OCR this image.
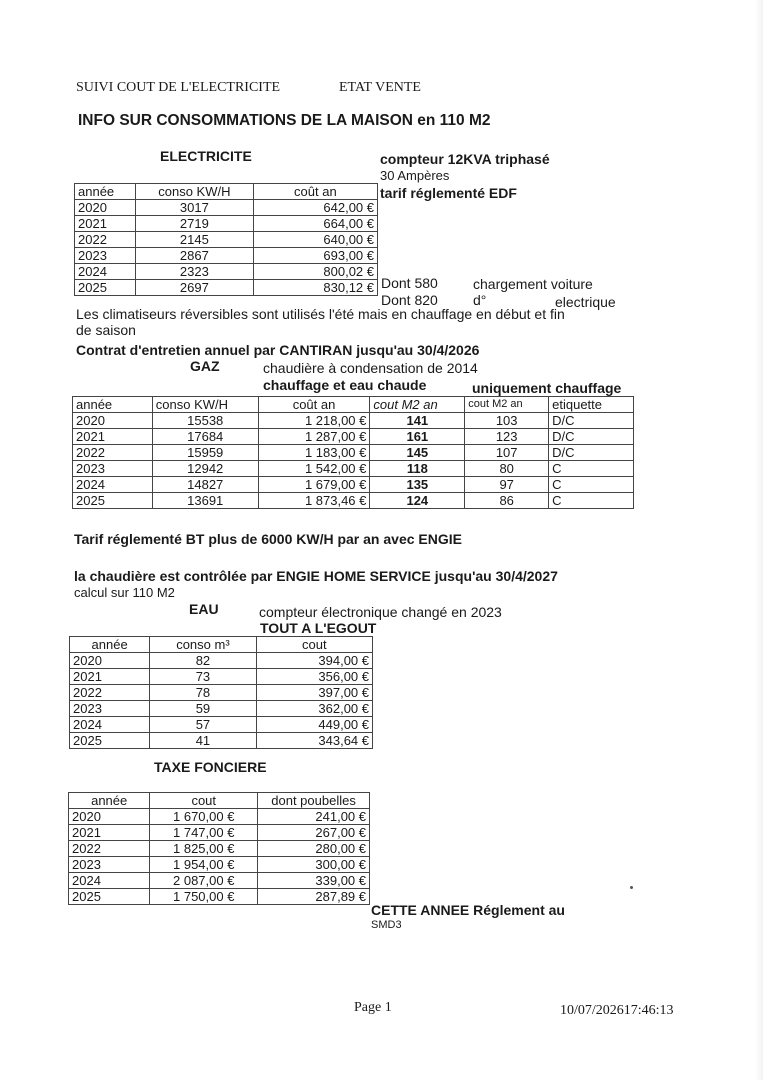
SUIVI COUT DE L'ELECTRICITE	ETAT VENTE
INFO SUR CONSOMMATIONS DE LA MAISON en 110 M2
ELECTRICITE	compteur 12KVA triphasé
30 Ampères
tarif réglementé EDF
année	conso KW/H	coût an
2020	3017	642,00 €
2021	2719	664,00 €
2022	2145	640,00 €
2023	2867	693,00 €
2024	2323	800,02 €
2025	2697	830,12 € Dont 580	chargement voiture
Dont 820	d°	electrique
Les climatiseurs réversibles sont utilisés l'été mais en chauffage en début et fin
de saison
Contrat d'entretien annuel par CANTIRAN jusqu'au 30/4/2026
GAZ	chaudière à condensation de 2014
chauffage et eau chaude	uniquement chauffage
année	conso KW/H	coût an	cout M2 an	cout M2 an	etiquette
2020	15538	1 218,00 €	141	103	D/C
2021	17684	1 287,00 €	161	123	D/C
2022	15959	1 183,00 €	145	107	D/C
2023	12942	1 542,00 €	118	80	C
2024	14827	1 679,00 €	135	97	C
2025	13691	1 873,46 €	124	86	C
Tarif réglementé BT plus de 6000 KW/H par an avec ENGIE
la chaudière est contrôlée par ENGIE HOME SERVICE jusqu'au 30/4/2027
calcul sur 110 M2
EAU	compteur électronique changé en 2023
TOUT A L'EGOUT
année	conso m³	cout
2020	82	394,00 €
2021	73	356,00 €
2022	78	397,00 €
2023	59	362,00 €
2024	57	449,00 €
2025	41	343,64 €
TAXE FONCIERE
année	cout	dont poubelles
2020	1 670,00 €	241,00 €
2021	1 747,00 €	267,00 €
2022	1 825,00 €	280,00 €
2023	1 954,00 €	300,00 €
2024	2 087,00 €	339,00 €
2025	1 750,00 €	287,89 €
CETTE ANNEE Réglement au
SMD3
Page 1	10/07/202617:46:13
